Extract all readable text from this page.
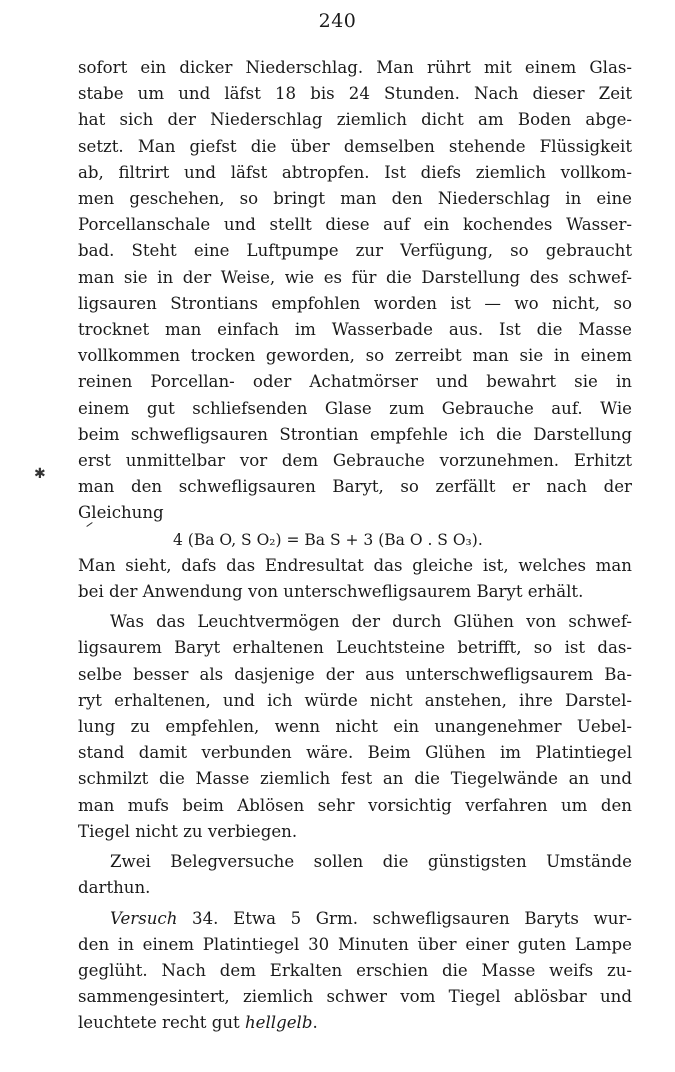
240
✱
sofort ein dicker Niederschlag. Man rührt mit einem Glas-
stabe um und läfst 18 bis 24 Stunden. Nach dieser Zeit
hat sich der Niederschlag ziemlich dicht am Boden abge-
setzt. Man giefst die über demselben stehende Flüssigkeit
ab, filtrirt und läfst abtropfen. Ist diefs ziemlich vollkom-
men geschehen, so bringt man den Niederschlag in eine
Porcellanschale und stellt diese auf ein kochendes Wasser-
bad. Steht eine Luftpumpe zur Verfügung, so gebraucht
man sie in der Weise, wie es für die Darstellung des schwef-
ligsauren Strontians empfohlen worden ist — wo nicht, so
trocknet man einfach im Wasserbade aus. Ist die Masse
vollkommen trocken geworden, so zerreibt man sie in einem
reinen Porcellan- oder Achatmörser und bewahrt sie in
einem gut schliefsenden Glase zum Gebrauche auf. Wie
beim schwefligsauren Strontian empfehle ich die Darstellung
erst unmittelbar vor dem Gebrauche vorzunehmen. Erhitzt
man den schwefligsauren Baryt, so zerfällt er nach der
Gleichung
4 (Ba O, S O₂) = Ba S + 3 (Ba O . S O₃).
Man sieht, dafs das Endresultat das gleiche ist, welches man
bei der Anwendung von unterschwefligsaurem Baryt erhält.
Was das Leuchtvermögen der durch Glühen von schwef-
ligsaurem Baryt erhaltenen Leuchtsteine betrifft, so ist das-
selbe besser als dasjenige der aus unterschwefligsaurem Ba-
ryt erhaltenen, und ich würde nicht anstehen, ihre Darstel-
lung zu empfehlen, wenn nicht ein unangenehmer Uebel-
stand damit verbunden wäre. Beim Glühen im Platintiegel
schmilzt die Masse ziemlich fest an die Tiegelwände an und
man mufs beim Ablösen sehr vorsichtig verfahren um den
Tiegel nicht zu verbiegen.
Zwei Belegversuche sollen die günstigsten Umstände
darthun.
Versuch 34. Etwa 5 Grm. schwefligsauren Baryts wur-
den in einem Platintiegel 30 Minuten über einer guten Lampe
geglüht. Nach dem Erkalten erschien die Masse weifs zu-
sammengesintert, ziemlich schwer vom Tiegel ablösbar und
leuchtete recht gut hellgelb.
